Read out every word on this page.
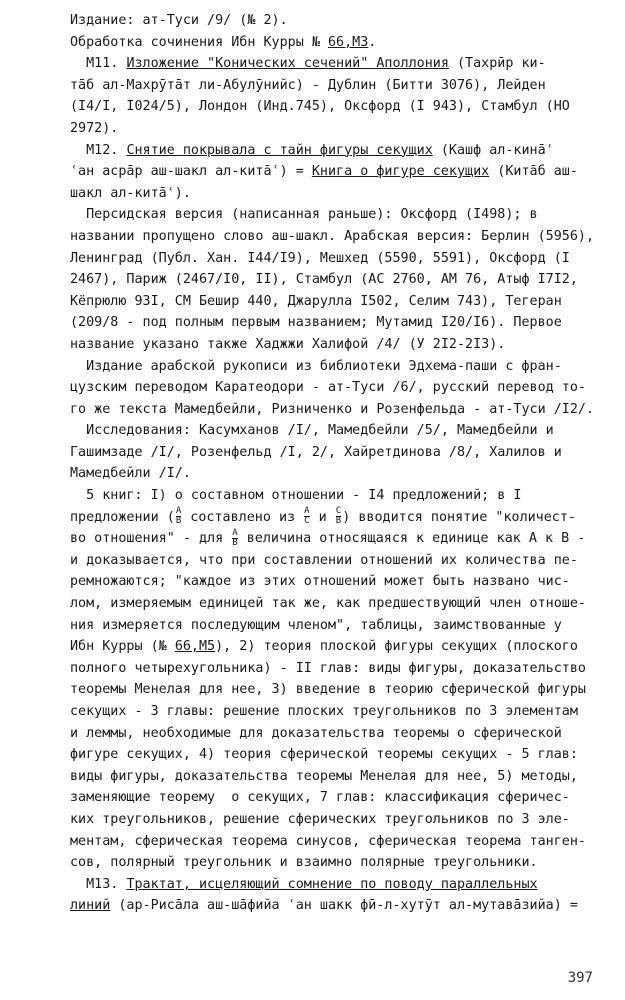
Издание: ат-Туси /9/ (№ 2).
Обработка сочинения Ибн Курры № 66,М3.
М11. Изложение "Конических сечений" Аполлония (Тахрӣр ки-
та̄б ал-Махрӯта̄т ли-Абулӯнийс) - Дублин (Битти 3076), Лейден
(I4/I, I024/5), Лондон (Инд.745), Оксфорд (I 943), Стамбул (НО
2972).
М12. Снятие покрывала с тайн фигуры секущих (Кашф ал-кина̄ʿ
ʿан асра̄р аш-шакл ал-кита̄ʿ) = Книга о фигуре секущих (Кита̄б аш-
шакл ал-кита̄ʿ).
Персидская версия (написанная раньше): Оксфорд (I498); в
названии пропущено слово аш-шакл. Арабская версия: Берлин (5956),
Ленинград (Публ. Хан. I44/I9), Мешхед (5590, 5591), Оксфорд (I
2467), Париж (2467/I0, II), Стамбул (АС 2760, АМ 76, Атыф I7I2,
Кёпрюлю 93I, СМ Бешир 440, Джарулла I502, Селим 743), Тегеран
(209/8 - под полным первым названием; Мутамид I20/I6). Первое
название указано также Хаджжи Халифой /4/ (У 2I2-2I3).
Издание арабской рукописи из библиотеки Эдхема-паши с фран-
цузским переводом Каратеодори - ат-Туси /6/, русский перевод то-
го же текста Мамедбейли, Ризниченко и Розенфельда - ат-Туси /I2/.
Исследования: Касумханов /I/, Мамедбейли /5/, Мамедбейли и
Гашимзаде /I/, Розенфельд /I, 2/, Хайретдинова /8/, Халилов и
Мамедбейли /I/.
5 книг: I) о составном отношении - I4 предложений; в I
предложении ( $\frac{A}{B}$ составлено из $\frac{A}{C}$ и $\frac{C}{B}$ ) вводится понятие "количест-
во отношения" - для $\frac{A}{B}$ величина относящаяся к единице как A к B -
и доказывается, что при составлении отношений их количества пе-
ремножаются; "каждое из этих отношений может быть названо чис-
лом, измеряемым единицей так же, как предшествующий член отноше-
ния измеряется последующим членом", таблицы, заимствованные у
Ибн Курры (№ 66,М5), 2) теория плоской фигуры секущих (плоского
полного четырехугольника) - II глав: виды фигуры, доказательство
теоремы Менелая для нее, 3) введение в теорию сферической фигуры
секущих - 3 главы: решение плоских треугольников по 3 элементам
и леммы, необходимые для доказательства теоремы о сферической
фигуре секущих, 4) теория сферической теоремы секущих - 5 глав:
виды фигуры, доказательства теоремы Менелая для нее, 5) методы,
заменяющие теорему  о секущих, 7 глав: классификация сферичес-
ких треугольников, решение сферических треугольников по 3 эле-
ментам, сферическая теорема синусов, сферическая теорема танген-
сов, полярный треугольник и взаимно полярные треугольники.
М13. Трактат, исцеляющий сомнение по поводу параллельных
линий (ар-Риса̄ла аш-ша̄фийа ʿан шакк фӣ-л-хутӯт ал-мутава̄зийа) =
397
